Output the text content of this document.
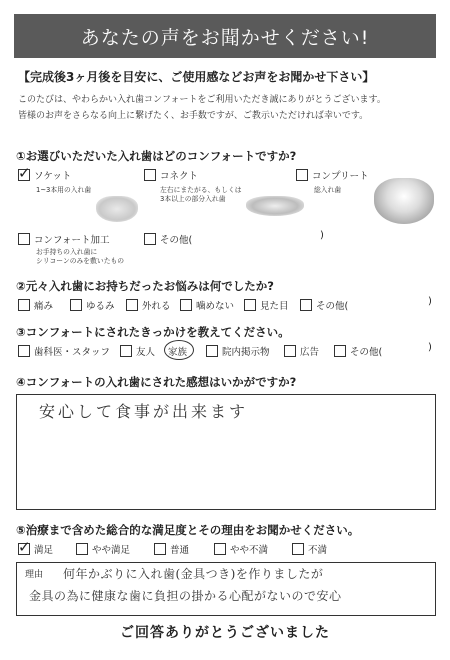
あなたの声をお聞かせください!
【完成後3ヶ月後を目安に、ご使用感などお声をお聞かせ下さい】
このたびは、やわらかい入れ歯コンフォートをご利用いただき誠にありがとうございます。
皆様のお声をさらなる向上に繋げたく、お手数ですが、ご教示いただければ幸いです。
①お選びいただいた入れ歯はどのコンフォートですか?
✓ ソケット
1~3本用の入れ歯
コネクト
左右にまたがる、もしくは
3本以上の部分入れ歯
コンプリート
総入れ歯
コンフォート加工
お手持ちの入れ歯に
シリコーンのみを敷いたもの
その他(	)
②元々入れ歯にお持ちだったお悩みは何でしたか?
痛み	ゆるみ	外れる	噛めない	見た目	その他(	)
③コンフォートにされたきっかけを教えてください。
歯科医・スタッフ	友人 家族	院内掲示物	広告	その他(	)
④コンフォートの入れ歯にされた感想はいかがですか?
安心して食事が出来ます
⑤治療まで含めた総合的な満足度とその理由をお聞かせください。
✓ 満足	やや満足	普通	やや不満	不満
理由 何年かぶりに入れ歯(金具つき)を作りましたが
金具の為に健康な歯に負担の掛かる心配がないので安心
ご回答ありがとうございました
